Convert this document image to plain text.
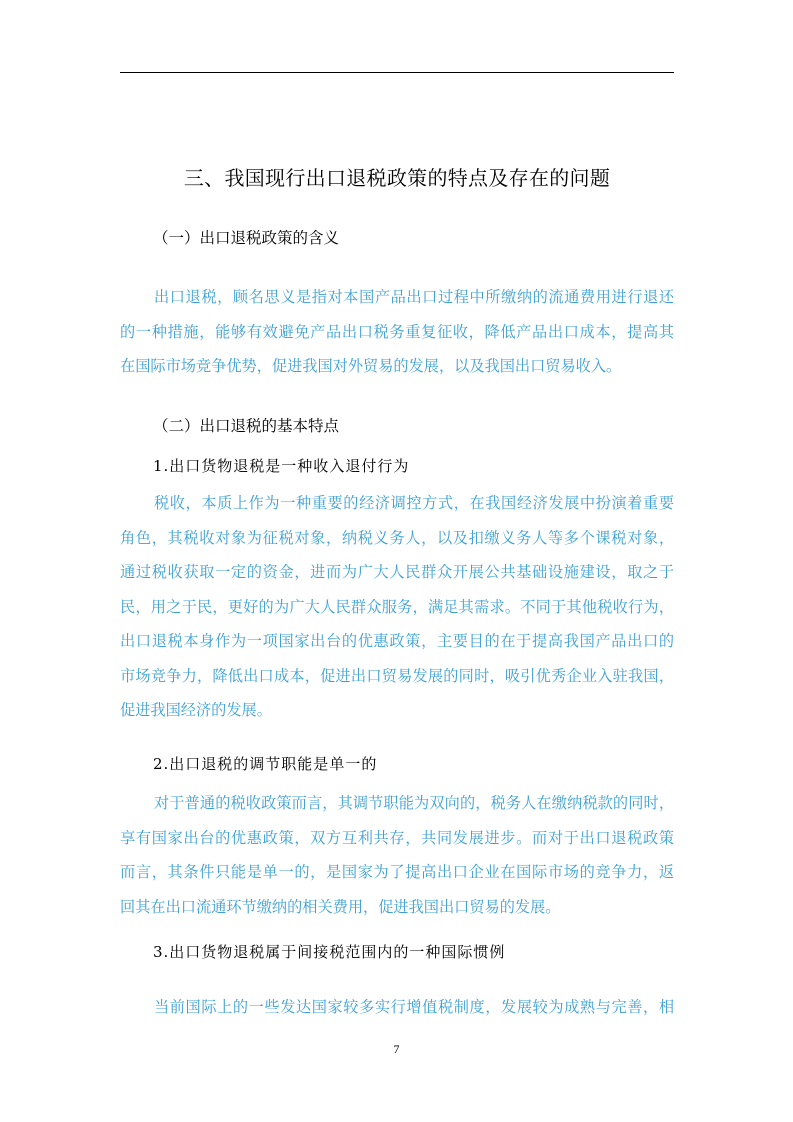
三、我国现行出口退税政策的特点及存在的问题
（一）出口退税政策的含义
出口退税，顾名思义是指对本国产品出口过程中所缴纳的流通费用进行退还
的一种措施，能够有效避免产品出口税务重复征收，降低产品出口成本，提高其
在国际市场竞争优势，促进我国对外贸易的发展，以及我国出口贸易收入。
（二）出口退税的基本特点
1.出口货物退税是一种收入退付行为
税收，本质上作为一种重要的经济调控方式，在我国经济发展中扮演着重要
角色，其税收对象为征税对象，纳税义务人，以及扣缴义务人等多个课税对象，
通过税收获取一定的资金，进而为广大人民群众开展公共基础设施建设，取之于
民，用之于民，更好的为广大人民群众服务，满足其需求。不同于其他税收行为，
出口退税本身作为一项国家出台的优惠政策，主要目的在于提高我国产品出口的
市场竞争力，降低出口成本，促进出口贸易发展的同时，吸引优秀企业入驻我国，
促进我国经济的发展。
2.出口退税的调节职能是单一的
对于普通的税收政策而言，其调节职能为双向的，税务人在缴纳税款的同时，
享有国家出台的优惠政策，双方互利共存，共同发展进步。而对于出口退税政策
而言，其条件只能是单一的，是国家为了提高出口企业在国际市场的竞争力，返
回其在出口流通环节缴纳的相关费用，促进我国出口贸易的发展。
3.出口货物退税属于间接税范围内的一种国际惯例
当前国际上的一些发达国家较多实行增值税制度，发展较为成熟与完善，相
7
